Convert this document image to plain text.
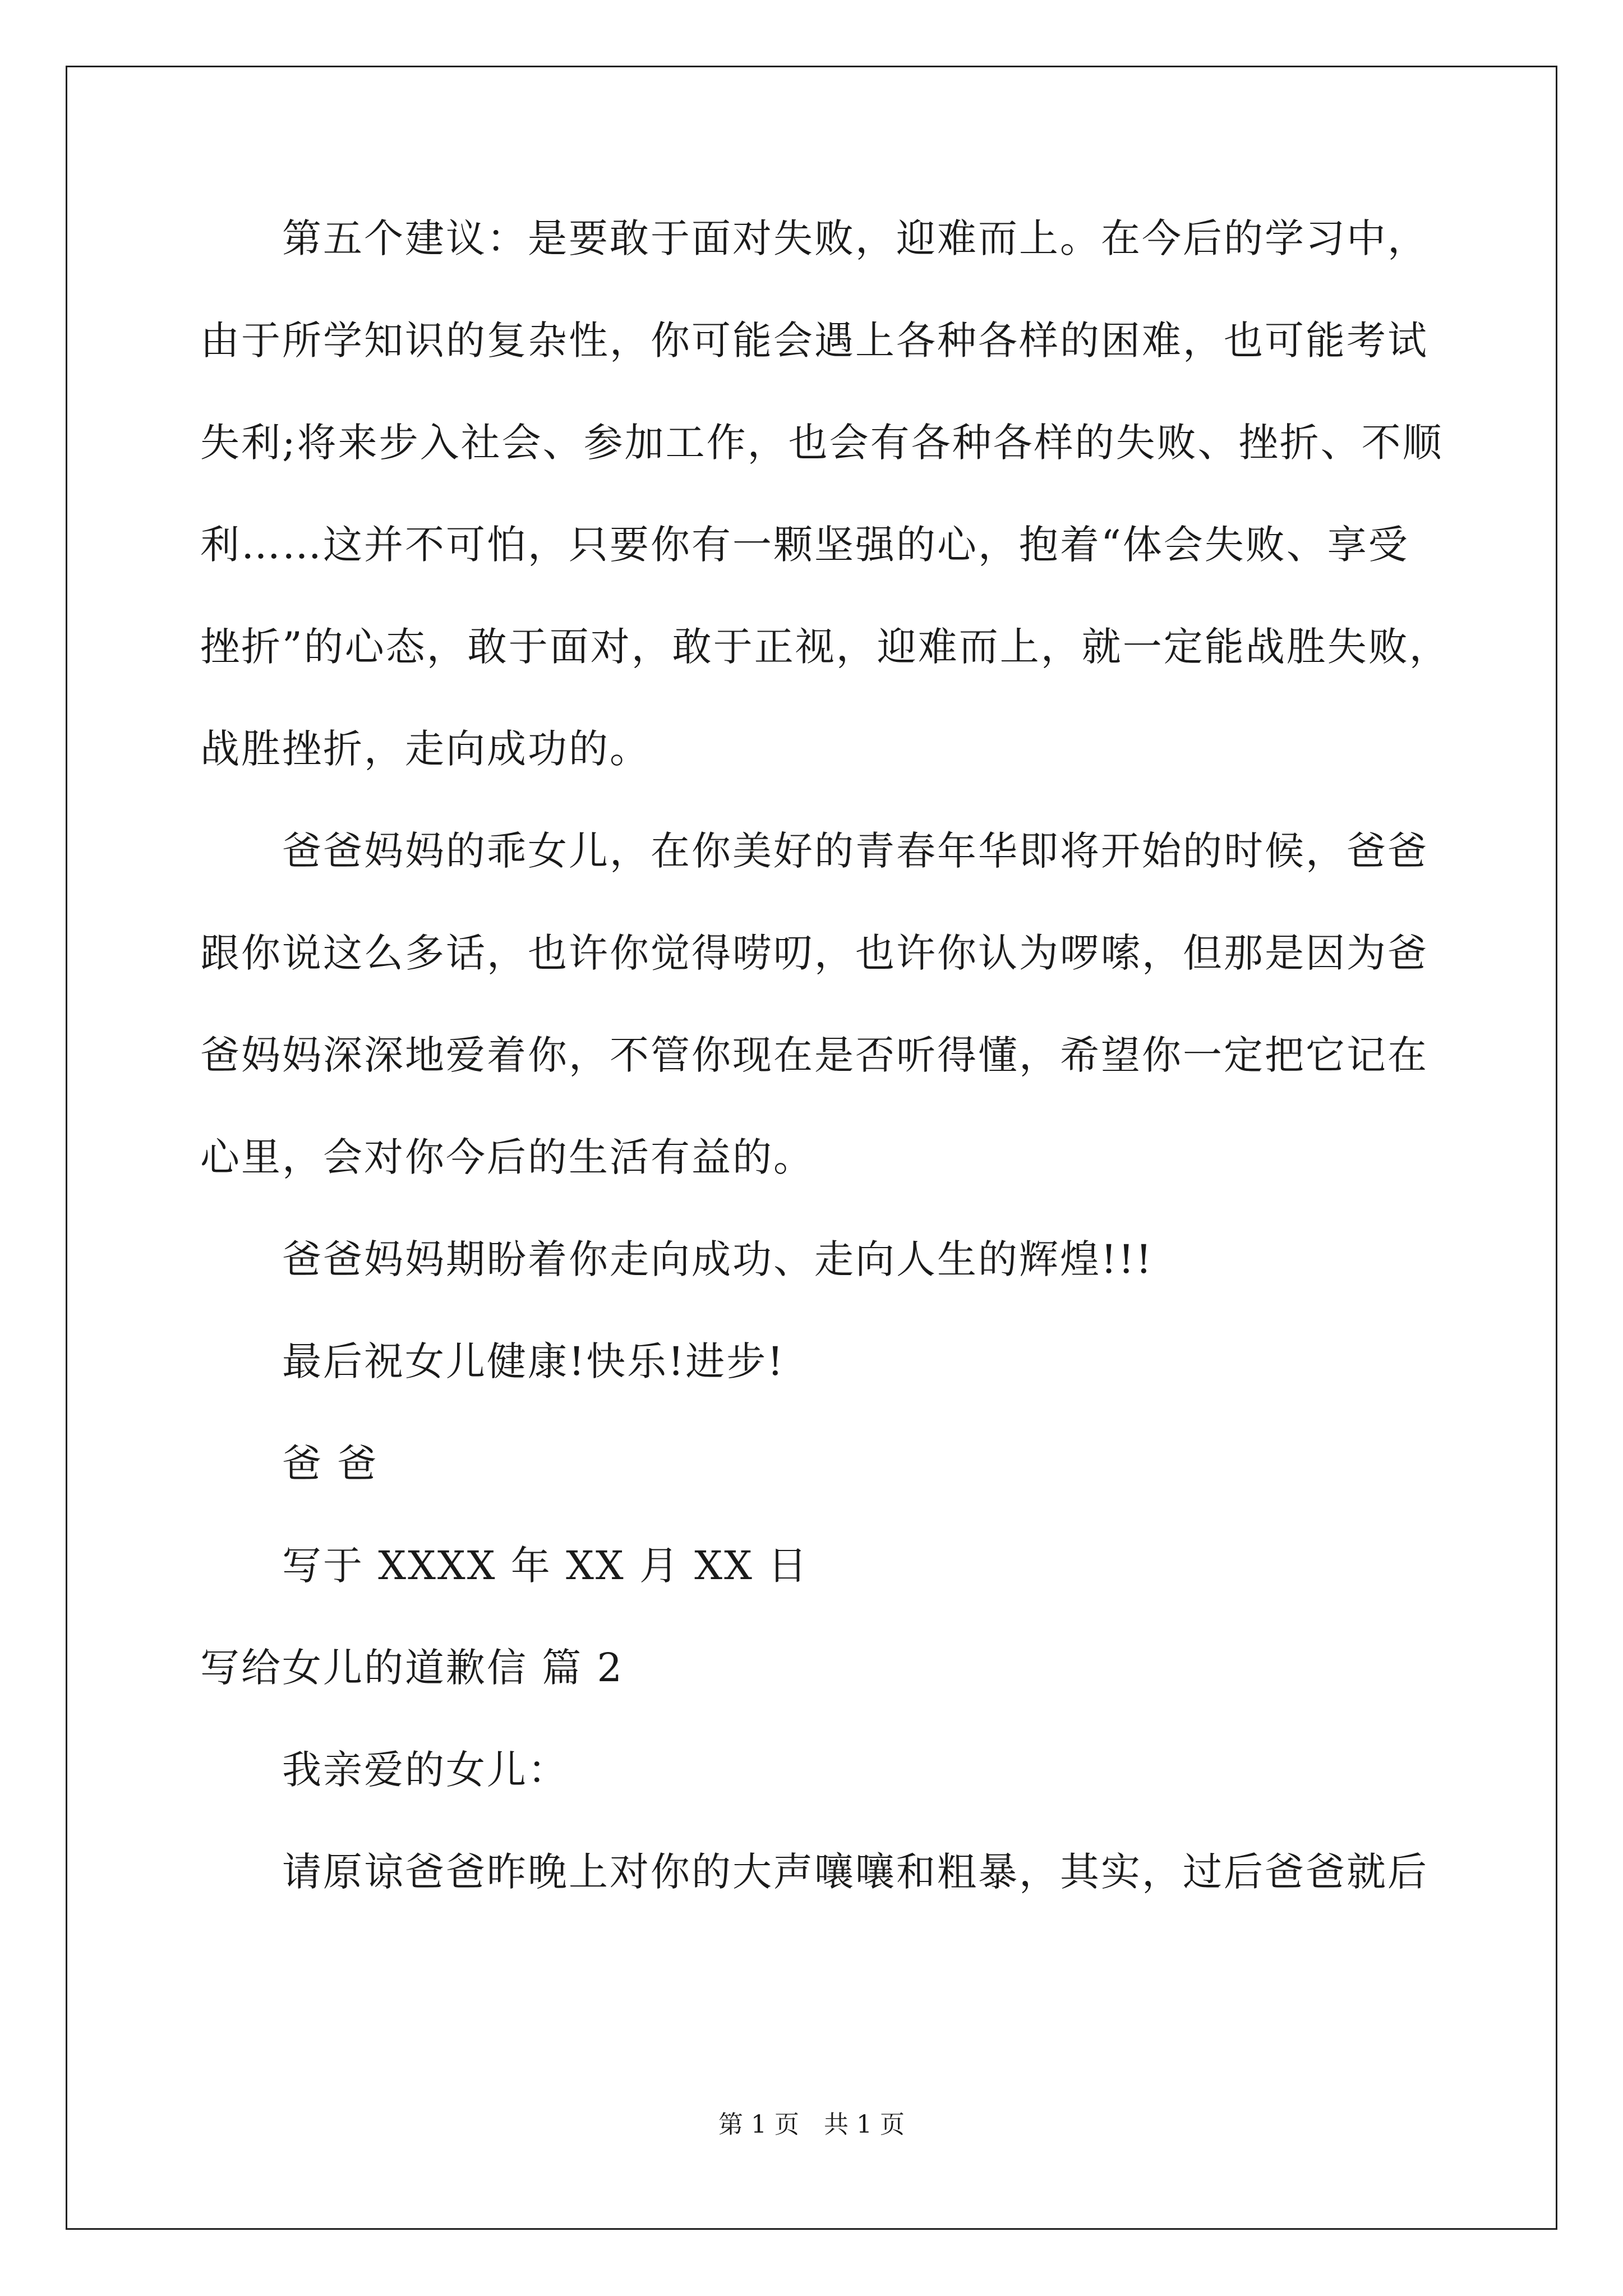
　　第五个建议：是要敢于面对失败，迎难而上。在今后的学习中，
由于所学知识的复杂性，你可能会遇上各种各样的困难，也可能考试
失利;将来步入社会、参加工作，也会有各种各样的失败、挫折、不顺
利……这并不可怕，只要你有一颗坚强的心，抱着“体会失败、享受
挫折”的心态，敢于面对，敢于正视，迎难而上，就一定能战胜失败，
战胜挫折，走向成功的。
　　爸爸妈妈的乖女儿，在你美好的青春年华即将开始的时候，爸爸
跟你说这么多话，也许你觉得唠叨，也许你认为啰嗦，但那是因为爸
爸妈妈深深地爱着你，不管你现在是否听得懂，希望你一定把它记在
心里，会对你今后的生活有益的。
　　爸爸妈妈期盼着你走向成功、走向人生的辉煌!!!
　　最后祝女儿健康!快乐!进步!
　　爸 爸
　　写于 XXXX 年 XX 月 XX 日
写给女儿的道歉信 篇 2
　　我亲爱的女儿：
　　请原谅爸爸昨晚上对你的大声嚷嚷和粗暴，其实，过后爸爸就后
第 1 页　共 1 页
